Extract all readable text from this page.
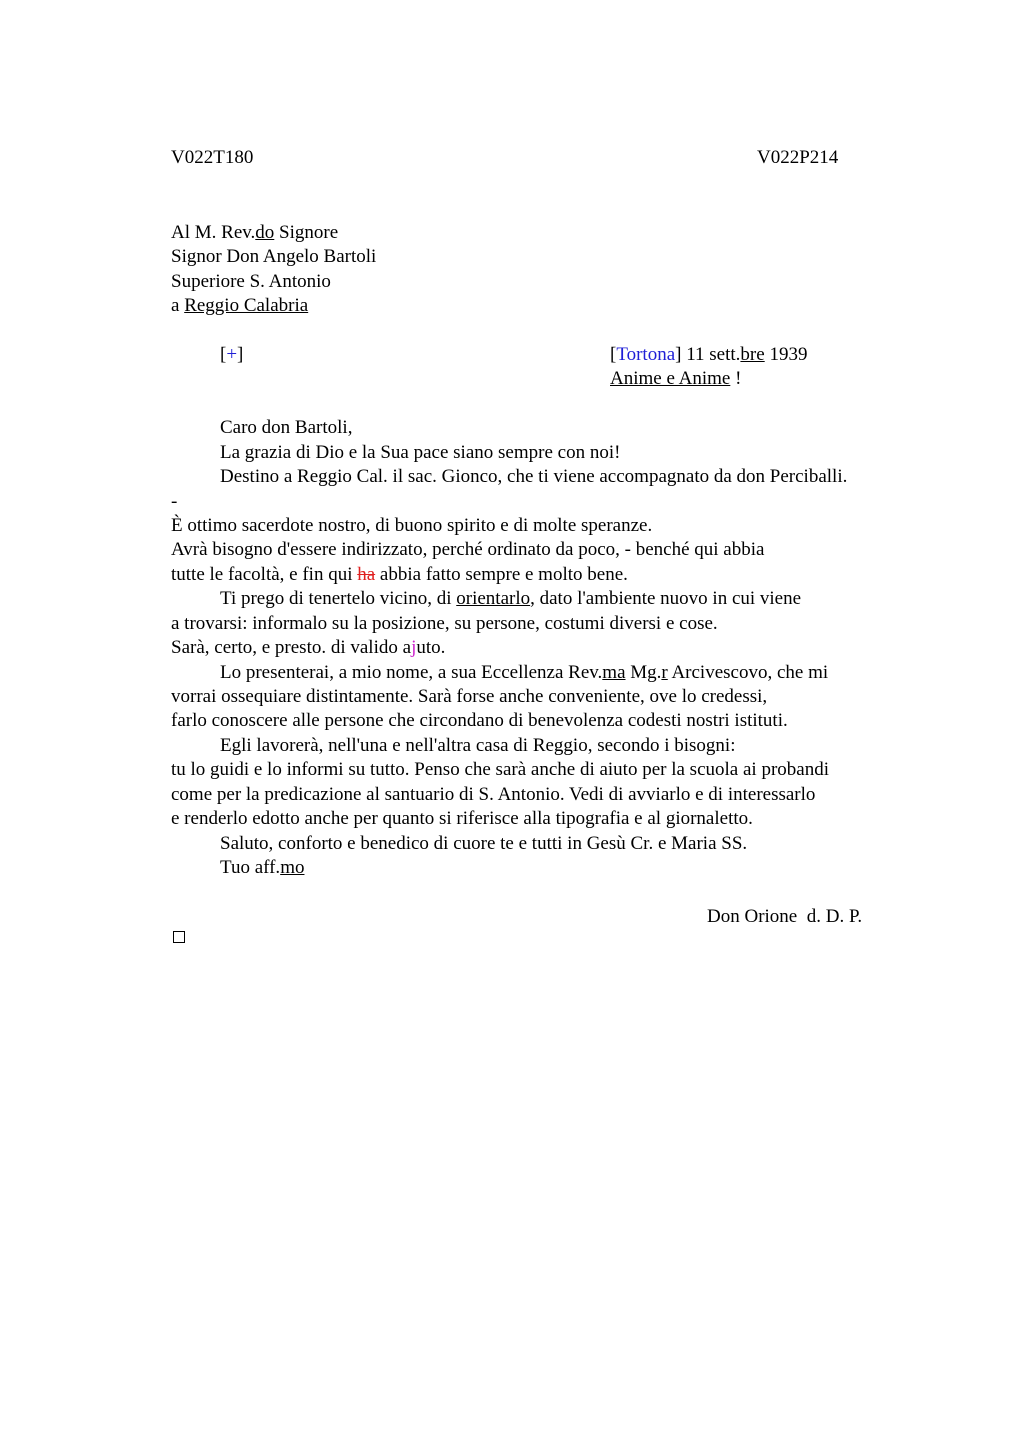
V022T180	V022P214
Al M. Rev.do Signore
Signor Don Angelo Bartoli
Superiore S. Antonio
a Reggio Calabria
[+]	[Tortona] 11 sett.bre 1939
Anime e Anime !
Caro don Bartoli,
La grazia di Dio e la Sua pace siano sempre con noi!
Destino a Reggio Cal. il sac. Gionco, che ti viene accompagnato da don Perciballi.
-
È ottimo sacerdote nostro, di buono spirito e di molte speranze.
Avrà bisogno d'essere indirizzato, perché ordinato da poco, - benché qui abbia
tutte le facoltà, e fin qui ha abbia fatto sempre e molto bene.
Ti prego di tenertelo vicino, di orientarlo, dato l'ambiente nuovo in cui viene
a trovarsi: informalo su la posizione, su persone, costumi diversi e cose.
Sarà, certo, e presto. di valido ajuto.
Lo presenterai, a mio nome, a sua Eccellenza Rev.ma Mg.r Arcivescovo, che mi
vorrai ossequiare distintamente. Sarà forse anche conveniente, ove lo credessi,
farlo conoscere alle persone che circondano di benevolenza codesti nostri istituti.
Egli lavorerà, nell'una e nell'altra casa di Reggio, secondo i bisogni:
tu lo guidi e lo informi su tutto. Penso che sarà anche di aiuto per la scuola ai probandi
come per la predicazione al santuario di S. Antonio. Vedi di avviarlo e di interessarlo
e renderlo edotto anche per quanto si riferisce alla tipografia e al giornaletto.
Saluto, conforto e benedico di cuore te e tutti in Gesù Cr. e Maria SS.
Tuo aff.mo
Don Orione  d. D. P.
